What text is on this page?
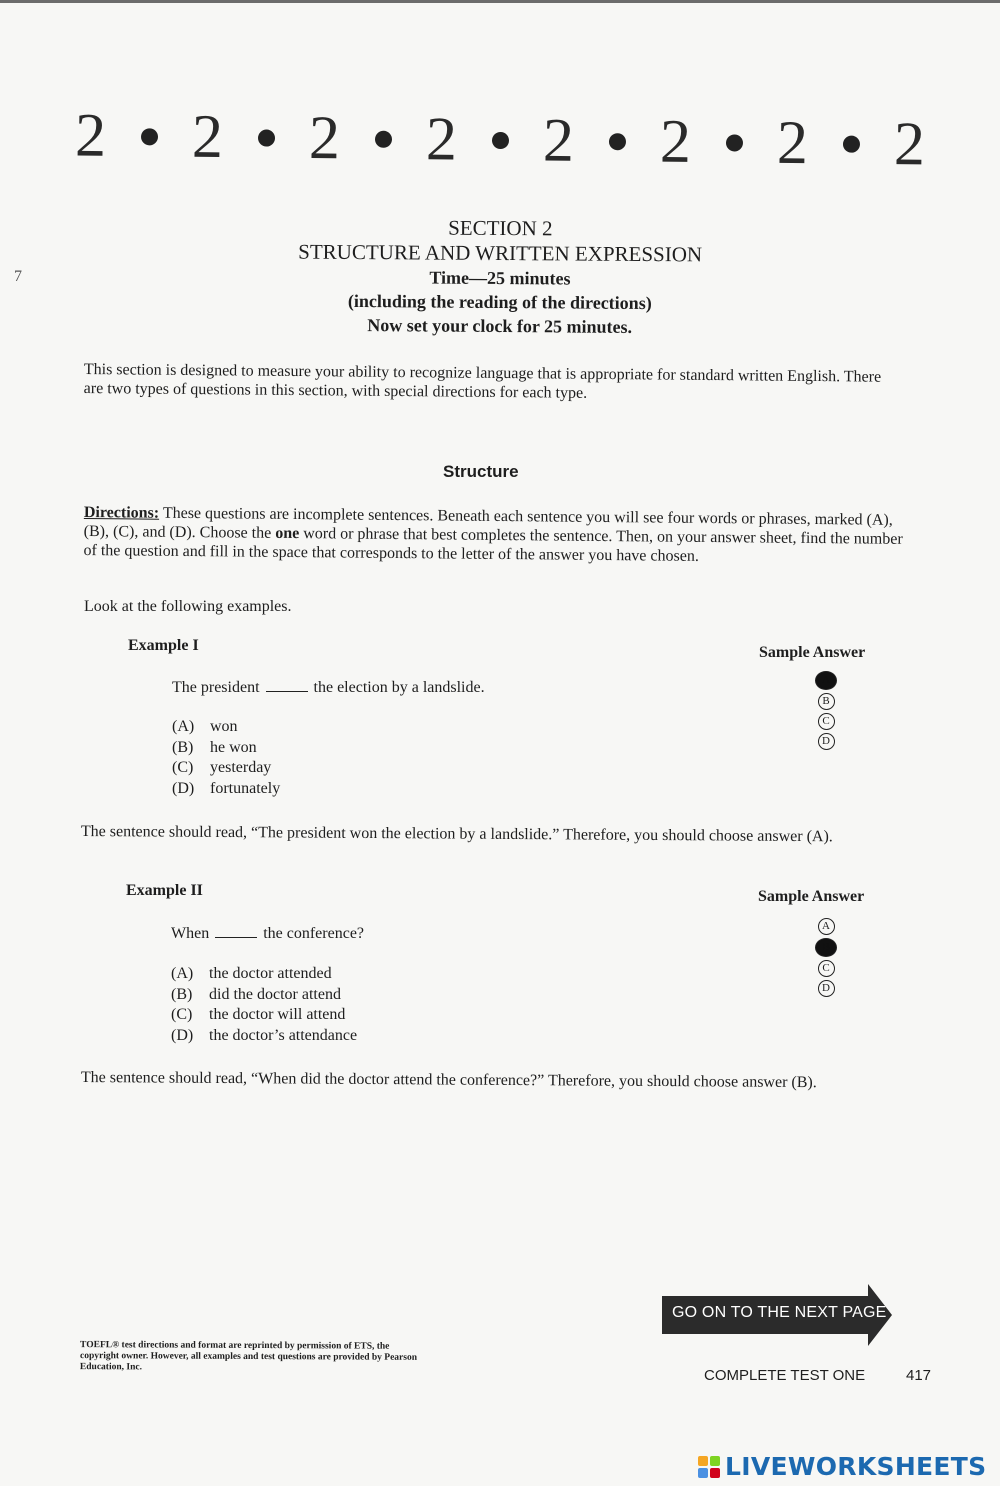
7
2 2 2 2 2 2 2 2
SECTION 2
STRUCTURE AND WRITTEN EXPRESSION
Time—25 minutes
(including the reading of the directions)
Now set your clock for 25 minutes.
This section is designed to measure your ability to recognize language that is appropriate for standard written English. There are two types of questions in this section, with special directions for each type.
Structure
Directions: These questions are incomplete sentences. Beneath each sentence you will see four words or phrases, marked (A), (B), (C), and (D). Choose the one word or phrase that best completes the sentence. Then, on your answer sheet, find the number of the question and fill in the space that corresponds to the letter of the answer you have chosen.
Look at the following examples.
Example I	Sample Answer
The president	the election by a landslide.
(A) won
(B)	he won
(C)	yesterday
(D) fortunately
A
B
C
D
The sentence should read, “The president won the election by a landslide.” Therefore, you should choose answer (A).
Example II	Sample Answer
When	the conference?
(A) the doctor attended
(B)	did the doctor attend
(C)	the doctor will attend
(D) the doctor’s attendance
A
B
C
D
The sentence should read, “When did the doctor attend the conference?” Therefore, you should choose answer (B).
TOEFL® test directions and format are reprinted by permission of ETS, the copyright owner. However, all examples and test questions are provided by Pearson Education, Inc.
GO ON TO THE NEXT PAGE
COMPLETE TEST ONE	417
LIVEWORKSHEETS
